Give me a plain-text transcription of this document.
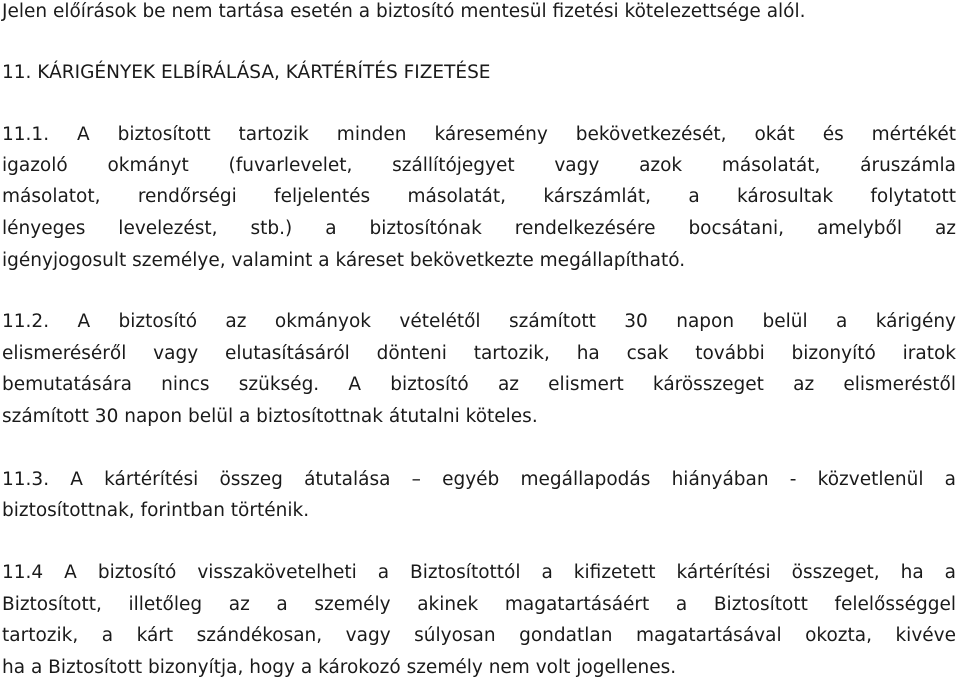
Jelen előírások be nem tartása esetén a biztosító mentesül fizetési kötelezettsége alól.
11. KÁRIGÉNYEK ELBÍRÁLÁSA, KÁRTÉRÍTÉS FIZETÉSE
11.1. A biztosított tartozik minden káresemény bekövetkezését, okát és mértékét
igazoló okmányt (fuvarlevelet, szállítójegyet vagy azok másolatát, áruszámla
másolatot, rendőrségi feljelentés másolatát, kárszámlát, a károsultak folytatott
lényeges levelezést, stb.) a biztosítónak rendelkezésére bocsátani, amelyből az
igényjogosult személye, valamint a káreset bekövetkezte megállapítható.
11.2. A biztosító az okmányok vételétől számított 30 napon belül a kárigény
elismeréséről vagy elutasításáról dönteni tartozik, ha csak további bizonyító iratok
bemutatására nincs szükség. A biztosító az elismert kárösszeget az elismeréstől
számított 30 napon belül a biztosítottnak átutalni köteles.
11.3. A kártérítési összeg átutalása – egyéb megállapodás hiányában - közvetlenül a
biztosítottnak, forintban történik.
11.4 A biztosító visszakövetelheti a Biztosítottól a kifizetett kártérítési összeget, ha a
Biztosított, illetőleg az a személy akinek magatartásáért a Biztosított felelősséggel
tartozik, a kárt szándékosan, vagy súlyosan gondatlan magatartásával okozta, kivéve
ha a Biztosított bizonyítja, hogy a károkozó személy nem volt jogellenes.
